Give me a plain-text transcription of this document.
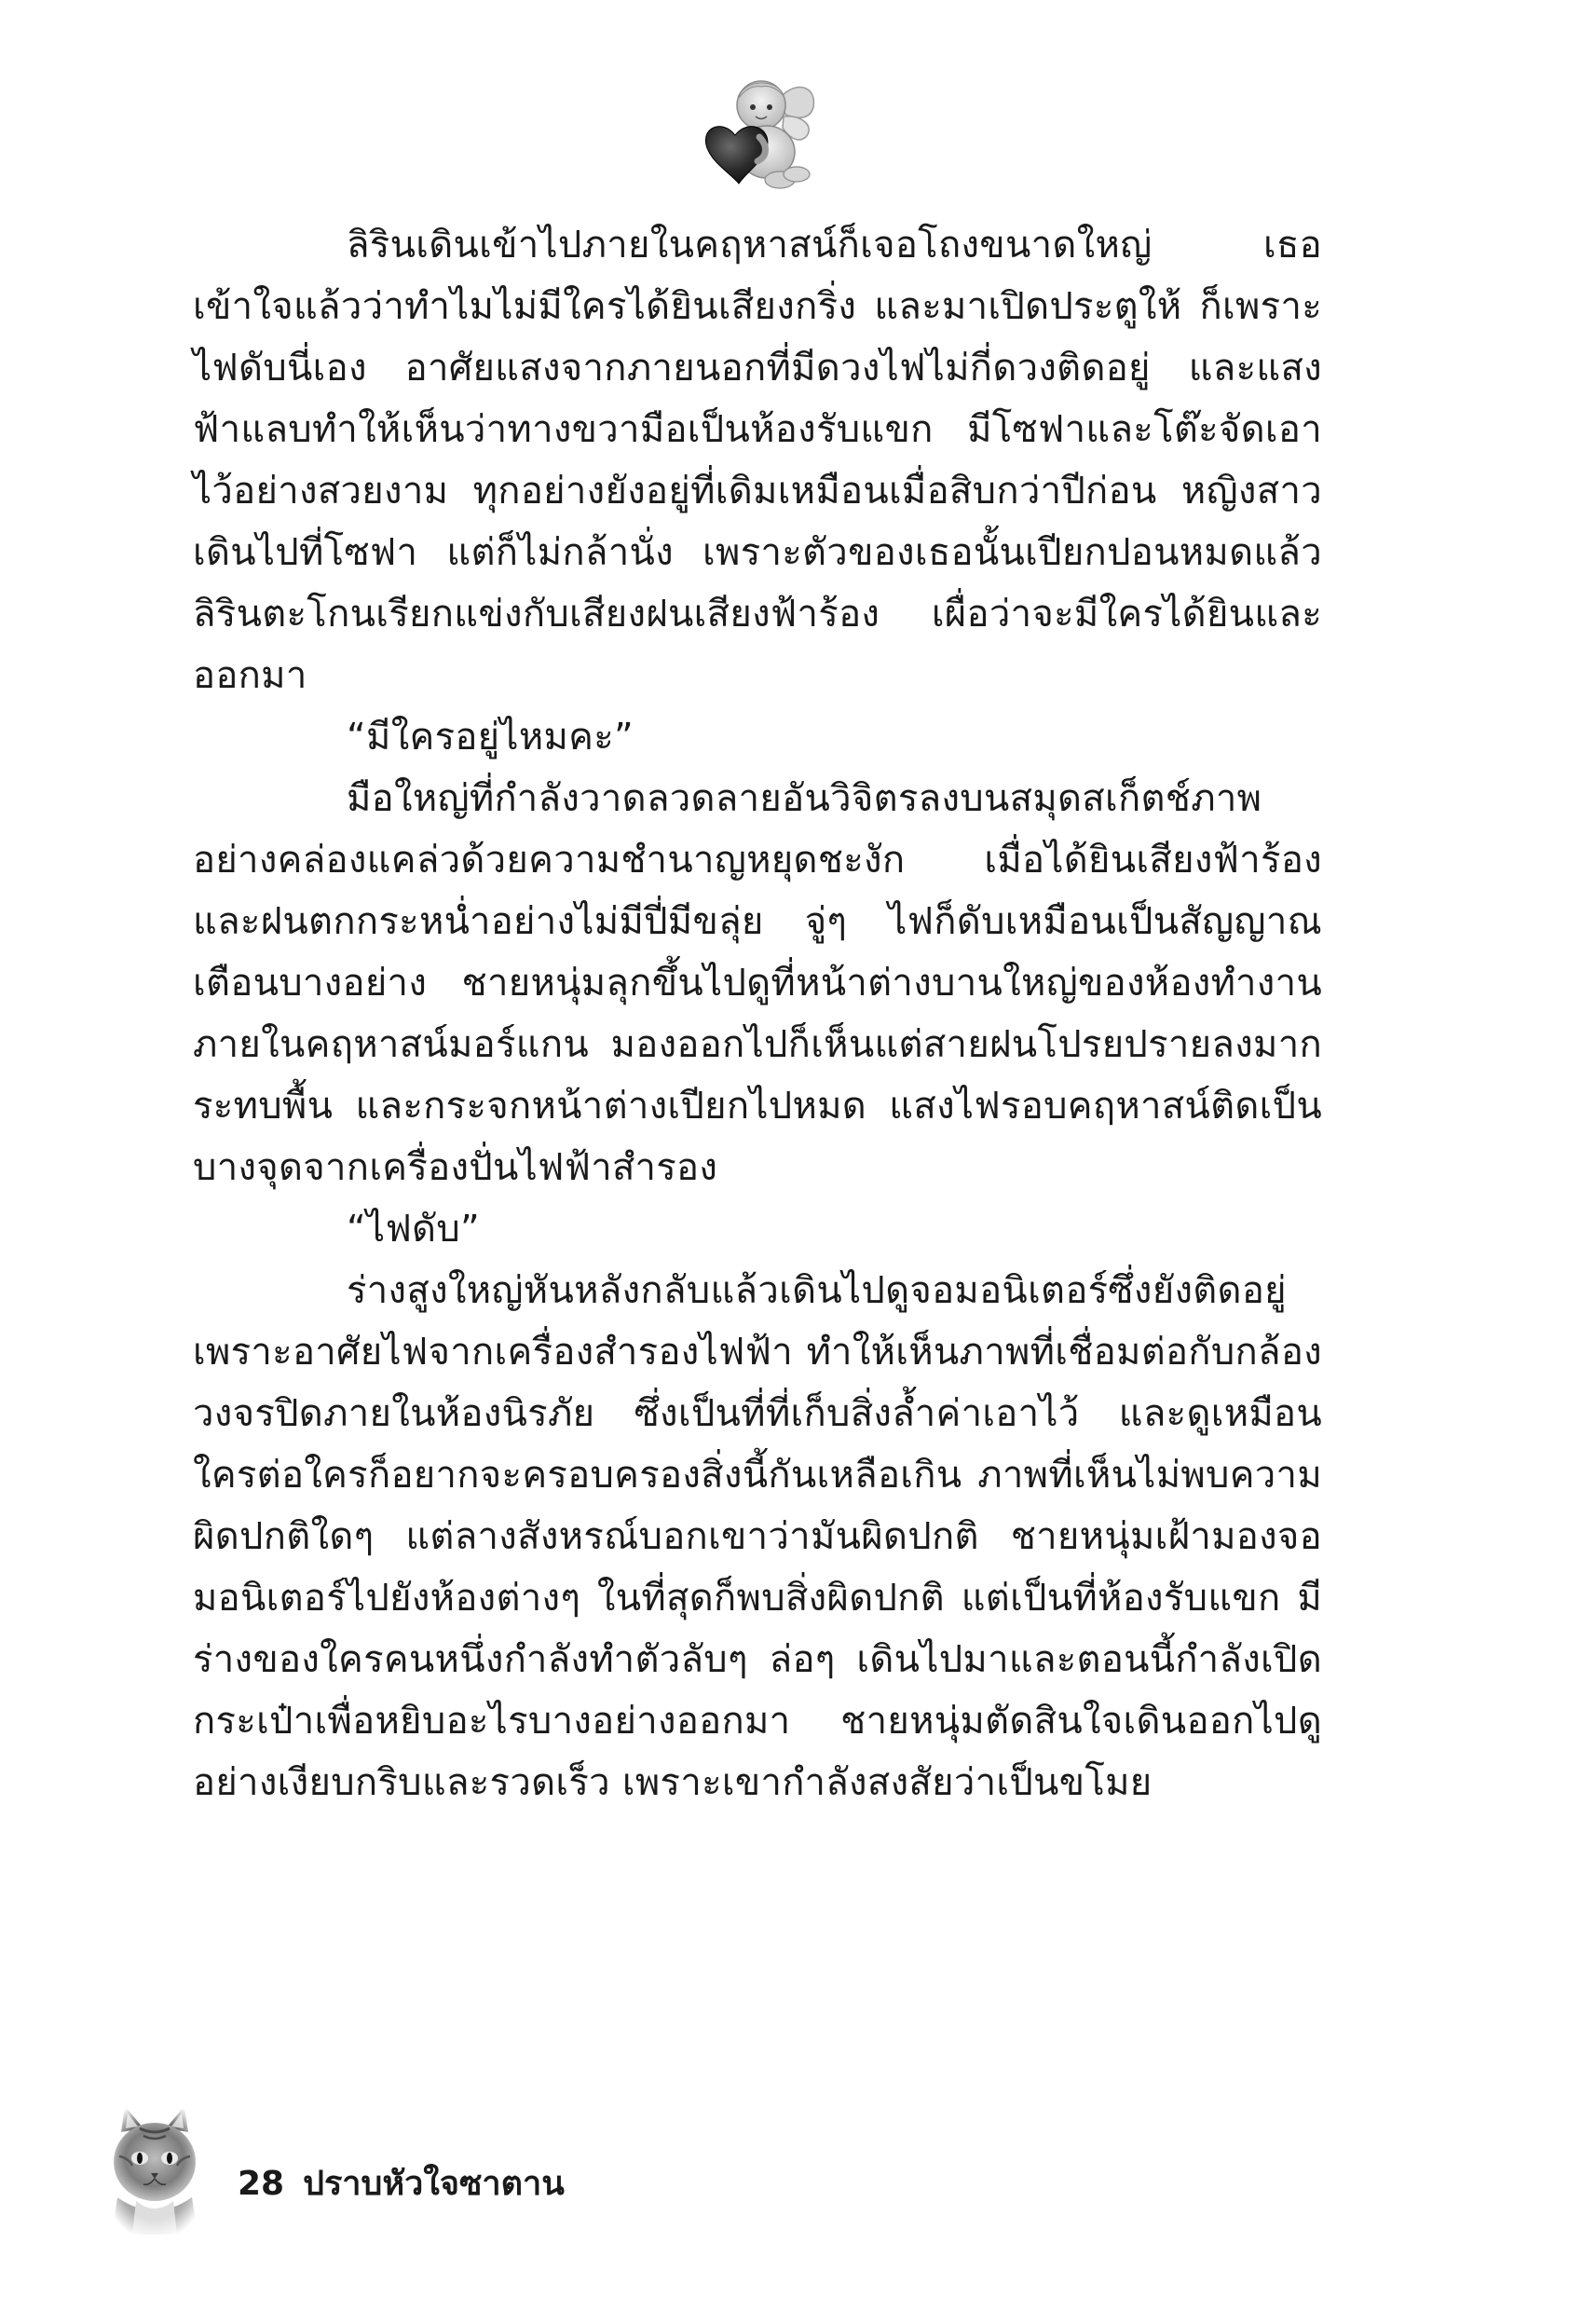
ลิรินเดินเข้าไปภายในคฤหาสน์ก็เจอโถงขนาดใหญ่ เธอเข้าใจแล้วว่าทำไมไม่มีใครได้ยินเสียงกริ่ง และมาเปิดประตูให้ ก็เพราะไฟดับนี่เอง อาศัยแสงจากภายนอกที่มีดวงไฟไม่กี่ดวงติดอยู่ และแสงฟ้าแลบทำให้เห็นว่าทางขวามือเป็นห้องรับแขก มีโซฟาและโต๊ะจัดเอาไว้อย่างสวยงาม ทุกอย่างยังอยู่ที่เดิมเหมือนเมื่อสิบกว่าปีก่อน หญิงสาวเดินไปที่โซฟา แต่ก็ไม่กล้านั่ง เพราะตัวของเธอนั้นเปียกปอนหมดแล้ว ลิรินตะโกนเรียกแข่งกับเสียงฝนเสียงฟ้าร้อง เผื่อว่าจะมีใครได้ยินและออกมา

“มีใครอยู่ไหมคะ”

มือใหญ่ที่กำลังวาดลวดลายอันวิจิตรลงบนสมุดสเก็ตช์ภาพอย่างคล่องแคล่วด้วยความชำนาญหยุดชะงัก เมื่อได้ยินเสียงฟ้าร้องและฝนตกกระหน่ำอย่างไม่มีปี่มีขลุ่ย จู่ๆ ไฟก็ดับเหมือนเป็นสัญญาณเตือนบางอย่าง ชายหนุ่มลุกขึ้นไปดูที่หน้าต่างบานใหญ่ของห้องทำงานภายในคฤหาสน์มอร์แกน มองออกไปก็เห็นแต่สายฝนโปรยปรายลงมากระทบพื้น และกระจกหน้าต่างเปียกไปหมด แสงไฟรอบคฤหาสน์ติดเป็นบางจุดจากเครื่องปั่นไฟฟ้าสำรอง

“ไฟดับ”

ร่างสูงใหญ่หันหลังกลับแล้วเดินไปดูจอมอนิเตอร์ซึ่งยังติดอยู่เพราะอาศัยไฟจากเครื่องสำรองไฟฟ้า ทำให้เห็นภาพที่เชื่อมต่อกับกล้องวงจรปิดภายในห้องนิรภัย ซึ่งเป็นที่ที่เก็บสิ่งล้ำค่าเอาไว้ และดูเหมือนใครต่อใครก็อยากจะครอบครองสิ่งนี้กันเหลือเกิน ภาพที่เห็นไม่พบความผิดปกติใดๆ แต่ลางสังหรณ์บอกเขาว่ามันผิดปกติ ชายหนุ่มเฝ้ามองจอมอนิเตอร์ไปยังห้องต่างๆ ในที่สุดก็พบสิ่งผิดปกติ แต่เป็นที่ห้องรับแขก มีร่างของใครคนหนึ่งกำลังทำตัวลับๆ ล่อๆ เดินไปมาและตอนนี้กำลังเปิดกระเป๋าเพื่อหยิบอะไรบางอย่างออกมา ชายหนุ่มตัดสินใจเดินออกไปดูอย่างเงียบกริบและรวดเร็ว เพราะเขากำลังสงสัยว่าเป็นขโมย

28 ปราบหัวใจซาตาน
